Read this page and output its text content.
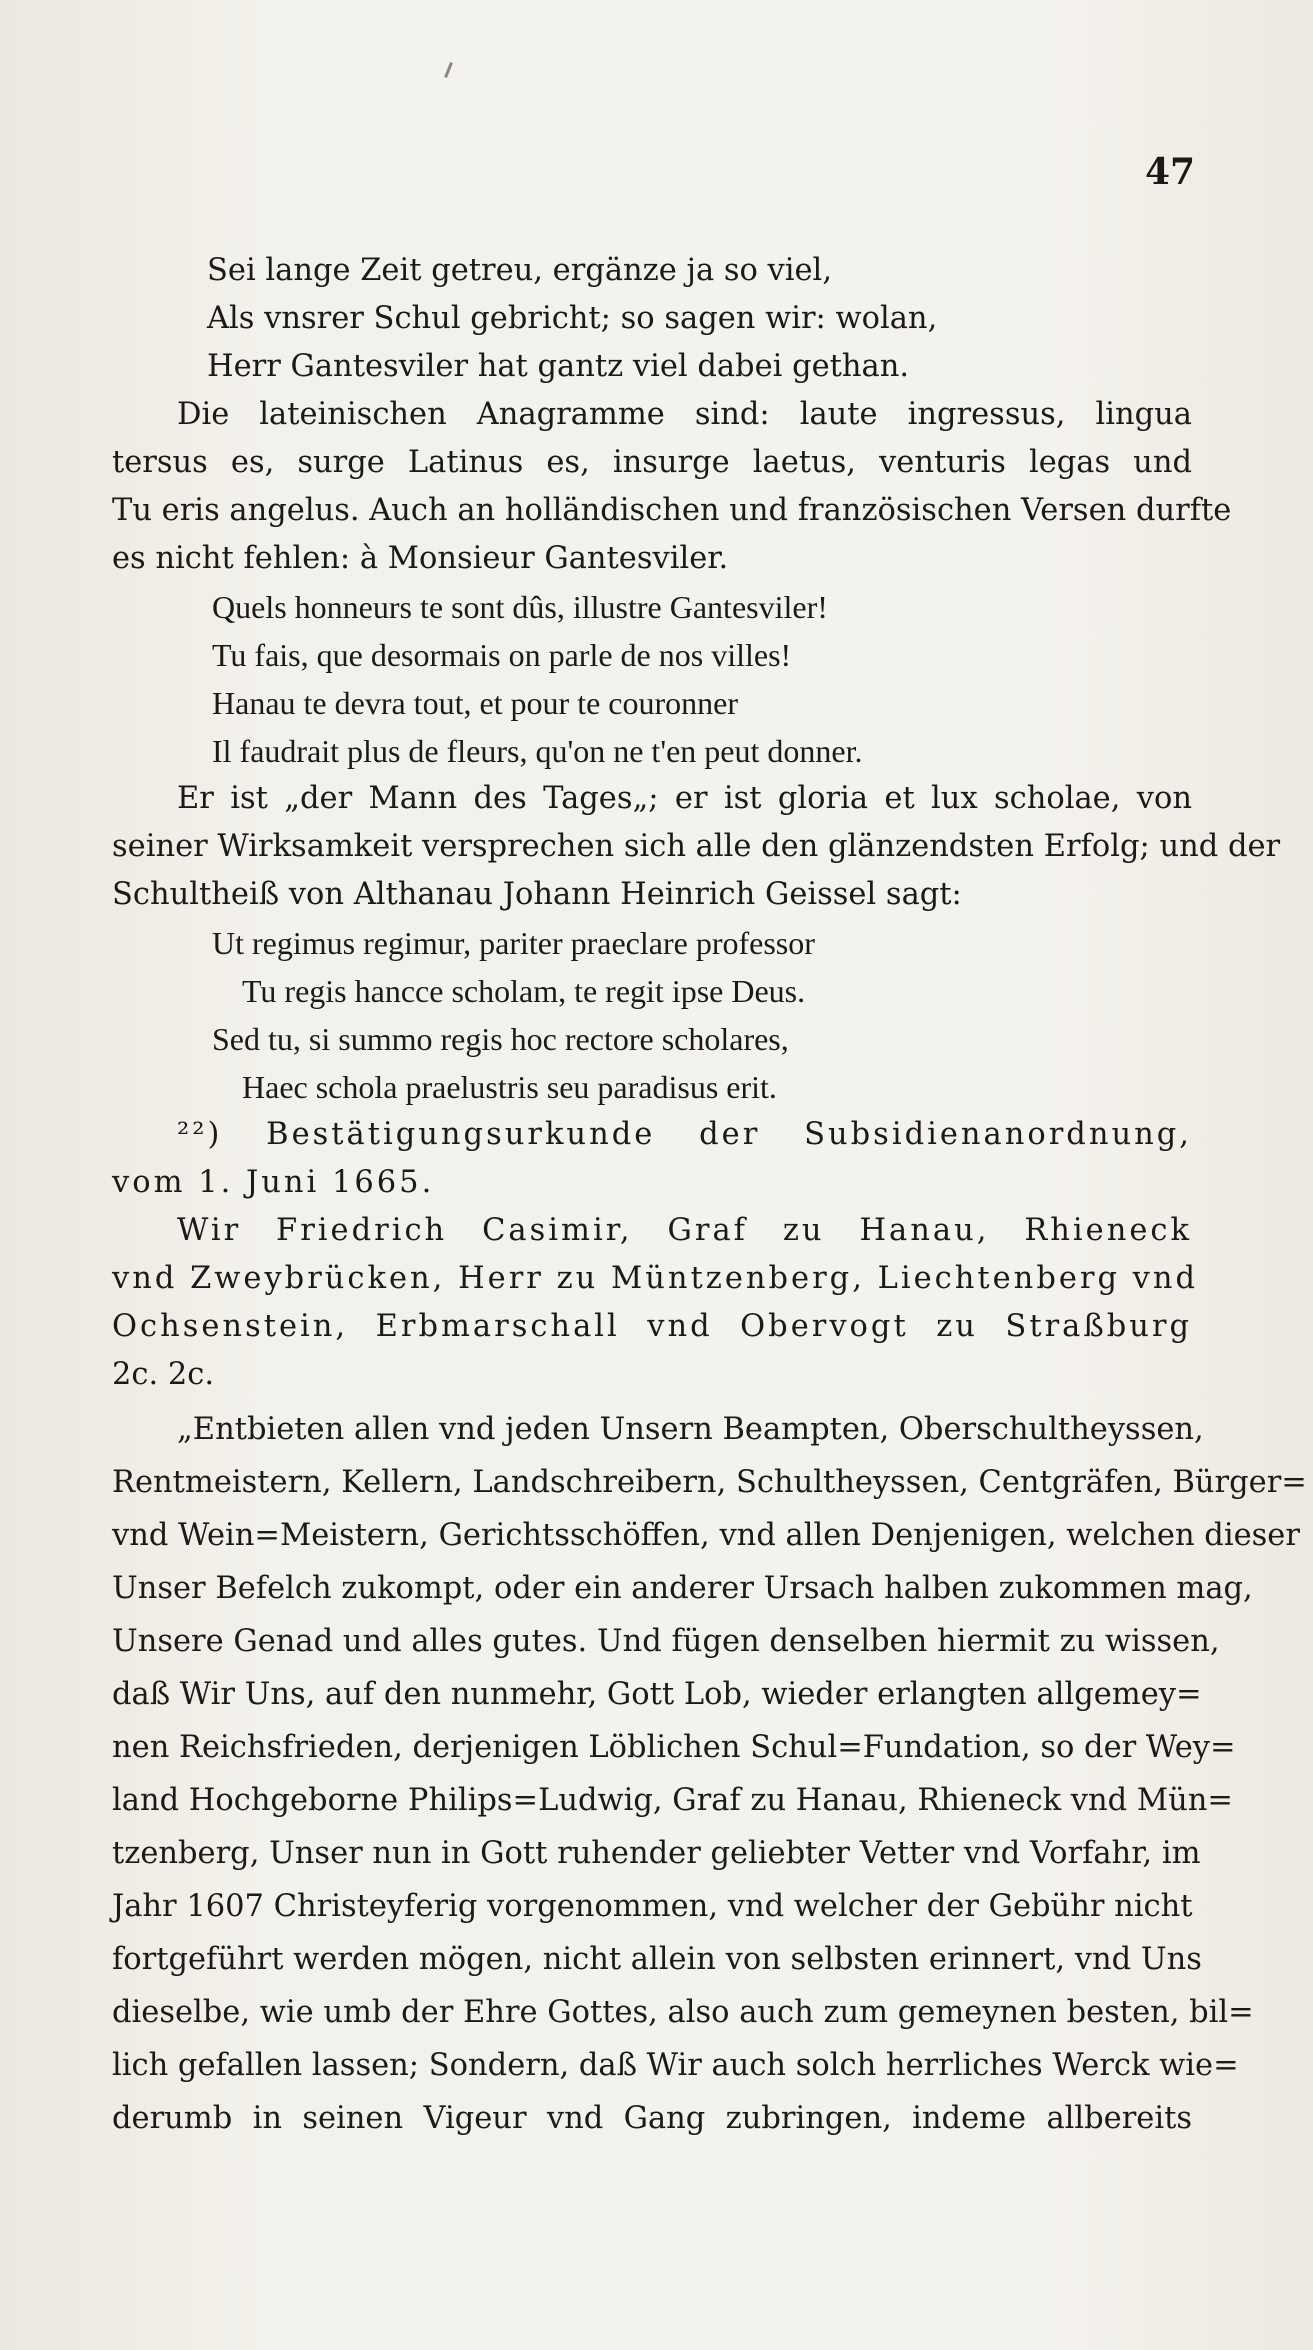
47
Sei lange Zeit getreu, ergänze ja so viel,
Als vnsrer Schul gebricht; so sagen wir: wolan,
Herr Gantesviler hat gantz viel dabei gethan.
Die lateinischen Anagramme sind: laute ingressus, lingua
tersus es, surge Latinus es, insurge laetus, venturis legas und
Tu eris angelus. Auch an holländischen und französischen Versen durfte
es nicht fehlen: à Monsieur Gantesviler.
Quels honneurs te sont dûs, illustre Gantesviler!
Tu fais, que desormais on parle de nos villes!
Hanau te devra tout, et pour te couronner
Il faudrait plus de fleurs, qu'on ne t'en peut donner.
Er ist „der Mann des Tages„; er ist gloria et lux scholae, von
seiner Wirksamkeit versprechen sich alle den glänzendsten Erfolg; und der
Schultheiß von Althanau Johann Heinrich Geissel sagt:
Ut regimus regimur, pariter praeclare professor
Tu regis hancce scholam, te regit ipse Deus.
Sed tu, si summo regis hoc rectore scholares,
Haec schola praelustris seu paradisus erit.
²²) Bestätigungsurkunde der Subsidienanordnung,
vom 1. Juni 1665.
Wir Friedrich Casimir, Graf zu Hanau, Rhieneck
vnd Zweybrücken, Herr zu Müntzenberg, Liechtenberg vnd
Ochsenstein, Erbmarschall vnd Obervogt zu Straßburg
2c. 2c.
„Entbieten allen vnd jeden Unsern Beampten, Oberschultheyssen,
Rentmeistern, Kellern, Landschreibern, Schultheyssen, Centgräfen, Bürger=
vnd Wein=Meistern, Gerichtsschöffen, vnd allen Denjenigen, welchen dieser
Unser Befelch zukompt, oder ein anderer Ursach halben zukommen mag,
Unsere Genad und alles gutes. Und fügen denselben hiermit zu wissen,
daß Wir Uns, auf den nunmehr, Gott Lob, wieder erlangten allgemey=
nen Reichsfrieden, derjenigen Löblichen Schul=Fundation, so der Wey=
land Hochgeborne Philips=Ludwig, Graf zu Hanau, Rhieneck vnd Mün=
tzenberg, Unser nun in Gott ruhender geliebter Vetter vnd Vorfahr, im
Jahr 1607 Christeyferig vorgenommen, vnd welcher der Gebühr nicht
fortgeführt werden mögen, nicht allein von selbsten erinnert, vnd Uns
dieselbe, wie umb der Ehre Gottes, also auch zum gemeynen besten, bil=
lich gefallen lassen; Sondern, daß Wir auch solch herrliches Werck wie=
derumb in seinen Vigeur vnd Gang zubringen, indeme allbereits
